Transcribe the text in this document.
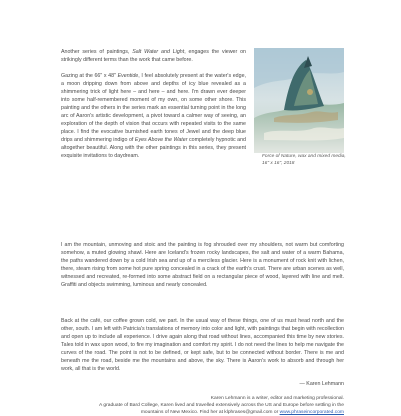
Another series of paintings, Salt Water and Light, engages the viewer on strikingly different terms than the work that came before.

Gazing at the 66" x 48" Eventide, I feel absolutely present at the water's edge, a moon dripping down from above and depths of icy blue revealed as a shimmering trick of light here – and here – and here. I'm drawn ever deeper into some half-remembered moment of my own, on some other shore. This painting and the others in the series mark an essential turning point in the long arc of Aaron's artistic development, a pivot toward a calmer way of seeing, an exploration of the depth of vision that occurs with repeated visits to the same place. I find the evocative burnished earth tones of Jewel and the deep blue drips and shimmering indigo of Eyes Above the Water completely hypnotic and altogether beautiful. Along with the other paintings in this series, they present exquisite invitations to daydream.	Force of Nature, wax and mixed media, 16" x 16", 2018

I am the mountain, unmoving and stoic and the painting is fog shrouded over my shoulders, not warm but comforting somehow, a muted glowing shawl. Here are Iceland's frozen rocky landscapes, the salt and water of a warm Bahama, the paths wandered down by a cold Irish sea and up of a merciless glacier. Here is a monument of rock knit with lichen, there, steam rising from some hot pure spring concealed in a crack of the earth's crust. There are urban scenes as well, witnessed and recreated, re-formed into some abstract field on a rectangular piece of wood, layered with line and melt. Graffiti and objects swimming, luminous and nearly concealed.

Back at the café, our coffee grown cold, we part. In the usual way of these things, one of us must head north and the other, south. I am left with Patricia's translations of memory into color and light, with paintings that begin with recollection and open up to include all experience. I drive again along that road without lines, accompanied this time by new stories. Tales told in wax upon wood, to fire my imagination and comfort my spirit. I do not need the lines to help me navigate the curves of the road. The point is not to be defined, or kept safe, but to be connected without border. There is me and beneath me the road, beside me the mountains and above, the sky. There is Aaron's work to absorb and through her work, all that is the world.

— Karen Lehmann
Karen Lehmann is a writer, editor and marketing professional.
A graduate of Bard College, Karen lived and travelled extensively across the US and Europe before settling in the
mountains of New Mexico. Find her at klphrases@gmail.com or www.phraseincorporated.com
